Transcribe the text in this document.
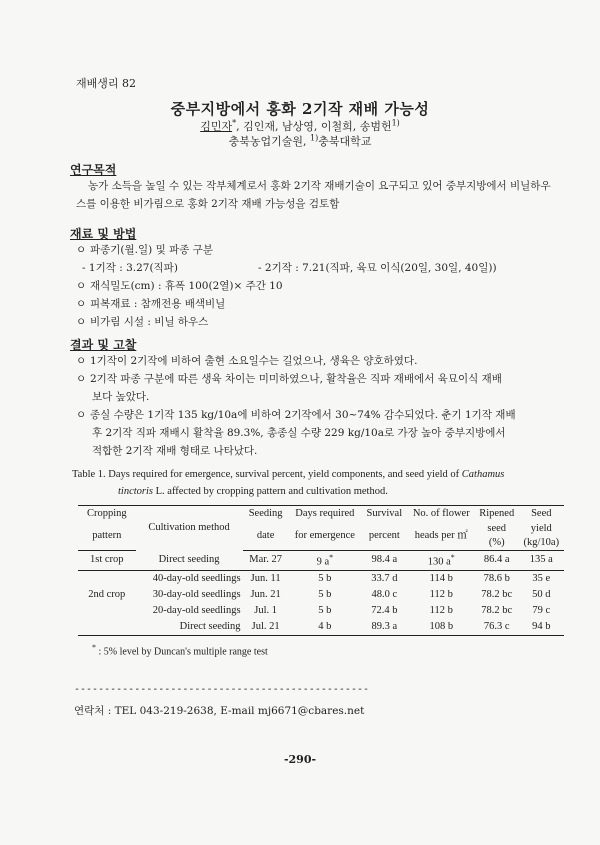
재배생리 82
중부지방에서 홍화 2기작 재배 가능성
김민자*, 김인재, 남상영, 이철희, 송범헌$^{1)}$
충북농업기술원, $^{1)}$충북대학교
연구목적

농가 소득을 높일 수 있는 작부체계로서 홍화 2기작 재배기술이 요구되고 있어 중부지방에서 비닐하우

스를 이용한 비가림으로 홍화 2기작 재배 가능성을 검토함

재료 및 방법
ㅇ 파종기(월.일) 및 파종 구분
- 1기작 : 3.27(직파)	- 2기작 : 7.21(직파, 육묘 이식(20일, 30일, 40일))
ㅇ 재식밀도(cm) : 휴폭 100(2열)× 주간 10
ㅇ 피복재료 : 참깨전용 배색비닐
ㅇ 비가림 시설 : 비닐 하우스
결과 및 고찰
ㅇ 1기작이 2기작에 비하여 출현 소요일수는 길었으나, 생육은 양호하였다.
ㅇ 2기작 파종 구분에 따른 생육 차이는 미미하였으나, 활착율은 직파 재배에서 육묘이식 재배
보다 높았다.
ㅇ 종실 수량은 1기작 135 kg/10a에 비하여 2기작에서 30~74% 감수되었다. 춘기 1기작 재배
후 2기작 직파 재배시 활착율 89.3%, 총종실 수량 229 kg/10a로 가장 높아 중부지방에서
적합한 2기작 재배 형태로 나타났다.
Table 1. Days required for emergence, survival percent, yield components, and seed yield of Cathamus
tinctoris L. affected by cropping pattern and cultivation method.
Cropping	Cultivation method	Seeding	Days required	Survival	No. of flower	Ripened	Seed
pattern		date	for emergence	percent	heads per ㎡	seed
(%)	yield
(kg/10a)
1st crop	Direct seeding	Mar. 27	9 a*	98.4 a	130 a*	86.4 a	135 a
	40-day-old seedlings	Jun. 11	5 b	33.7 d	114 b	78.6 b	35 e
2nd crop	30-day-old seedlings	Jun. 21	5 b	48.0 c	112 b	78.2 bc	50 d
	20-day-old seedlings	Jul. 1	5 b	72.4 b	112 b	78.2 bc	79 c
	Direct seeding	Jul. 21	4 b	89.3 a	108 b	76.3 c	94 b
* : 5% level by Duncan's multiple range test
-------------------------------------------------
연락처 : TEL 043-219-2638, E-mail mj6671@cbares.net
-290-
